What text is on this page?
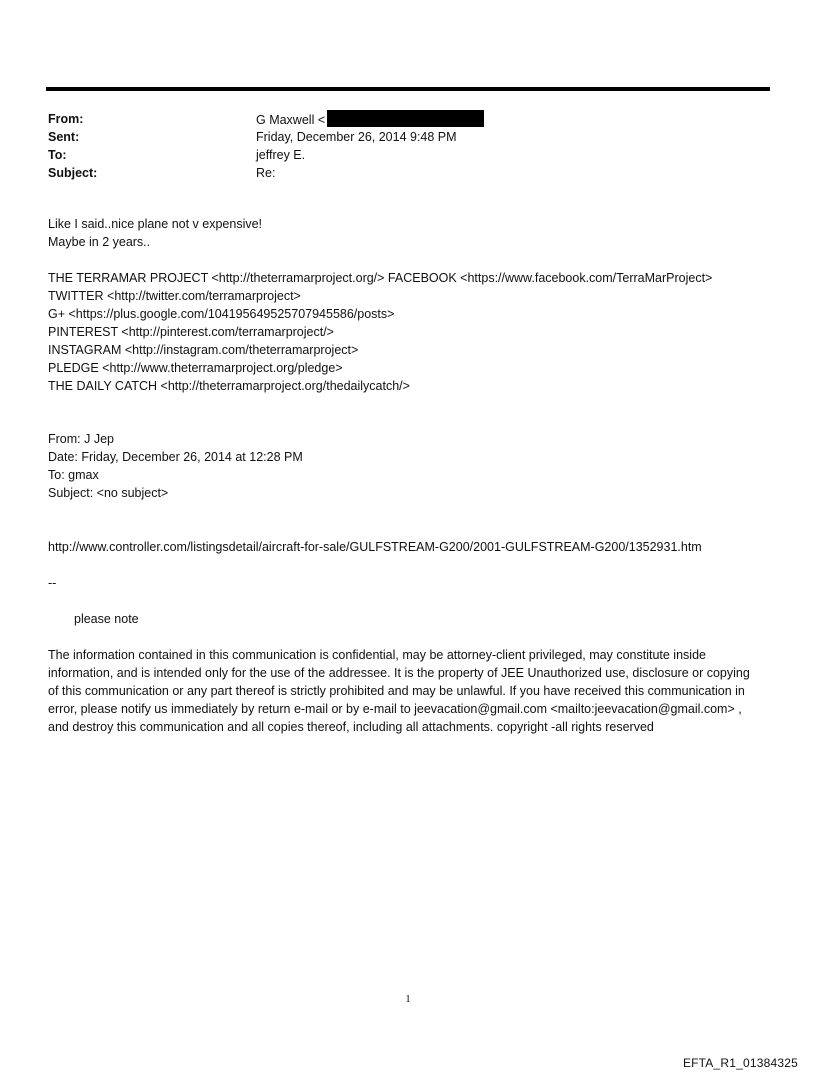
From:	G Maxwell <
Sent:	Friday, December 26, 2014 9:48 PM
To:	jeffrey E.
Subject:	Re:
Like I said..nice plane not v expensive!
Maybe in 2 years..
THE TERRAMAR PROJECT <http://theterramarproject.org/> FACEBOOK <https://www.facebook.com/TerraMarProject>
TWITTER <http://twitter.com/terramarproject>
G+ <https://plus.google.com/104195649525707945586/posts>
PINTEREST <http://pinterest.com/terramarproject/>
INSTAGRAM <http://instagram.com/theterramarproject>
PLEDGE <http://www.theterramarproject.org/pledge>
THE DAILY CATCH <http://theterramarproject.org/thedailycatch/>
From: J Jep
Date: Friday, December 26, 2014 at 12:28 PM
To: gmax
Subject: <no subject>
http://www.controller.com/listingsdetail/aircraft-for-sale/GULFSTREAM-G200/2001-GULFSTREAM-G200/1352931.htm
--
please note
The information contained in this communication is confidential, may be attorney-client privileged, may constitute inside information, and is intended only for the use of the addressee. It is the property of JEE Unauthorized use, disclosure or copying of this communication or any part thereof is strictly prohibited and may be unlawful. If you have received this communication in error, please notify us immediately by return e-mail or by e-mail to jeevacation@gmail.com <mailto:jeevacation@gmail.com> , and destroy this communication and all copies thereof, including all attachments. copyright -all rights reserved
1
EFTA_R1_01384325
